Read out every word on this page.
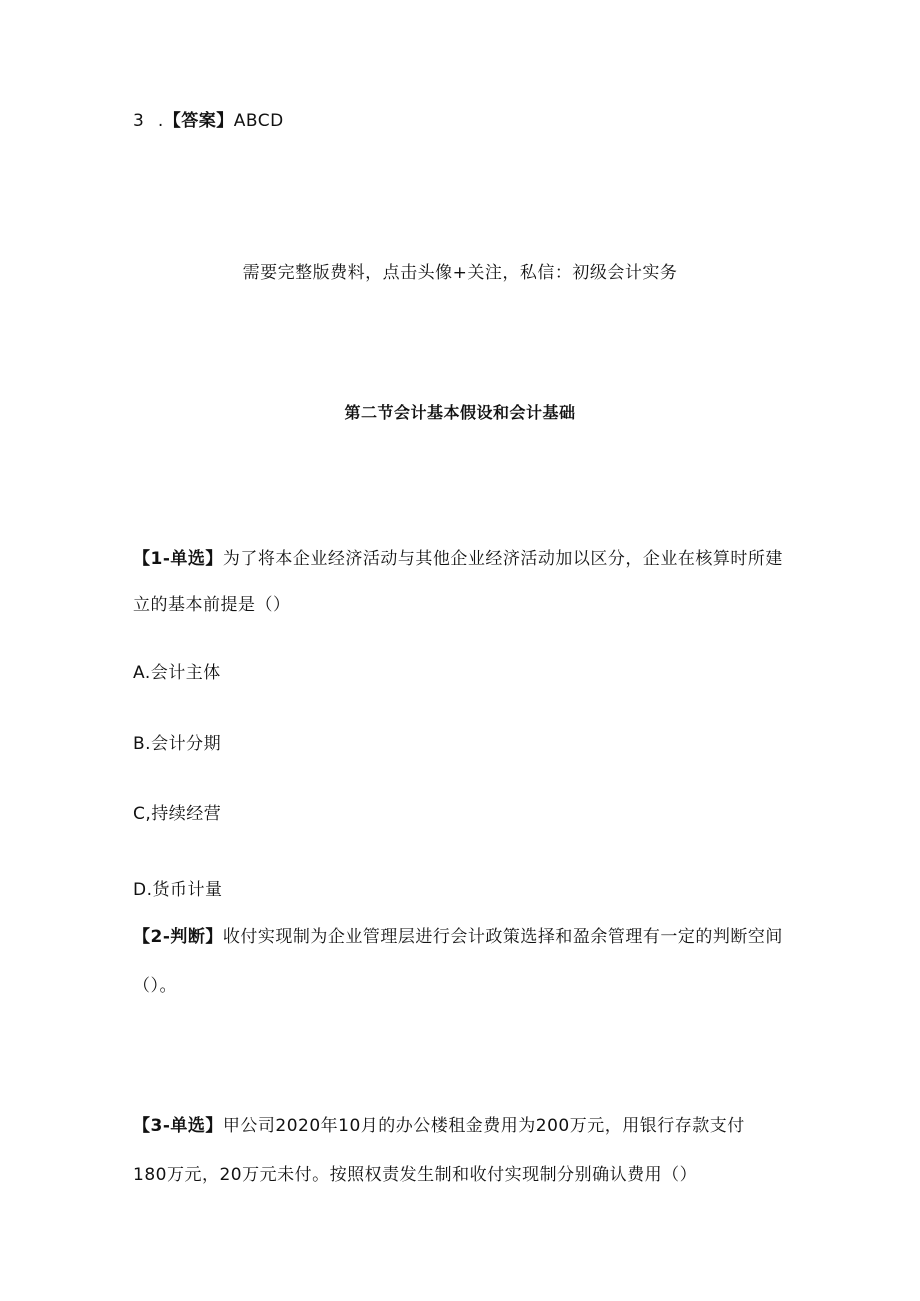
3 .【答案】ABCD
需要完整版费料，点击头像+关注，私信：初级会计实务
第二节会计基本假设和会计基础
【1-单选】为了将本企业经济活动与其他企业经济活动加以区分，企业在核算时所建
立的基本前提是（）
A.会计主体
B.会计分期
C,持续经营
D.货币计量
【2-判断】收付实现制为企业管理层进行会计政策选择和盈余管理有一定的判断空间
（）。
【3-单选】甲公司2020年10月的办公楼租金费用为200万元，用银行存款支付
180万元，20万元未付。按照权责发生制和收付实现制分别确认费用（）
